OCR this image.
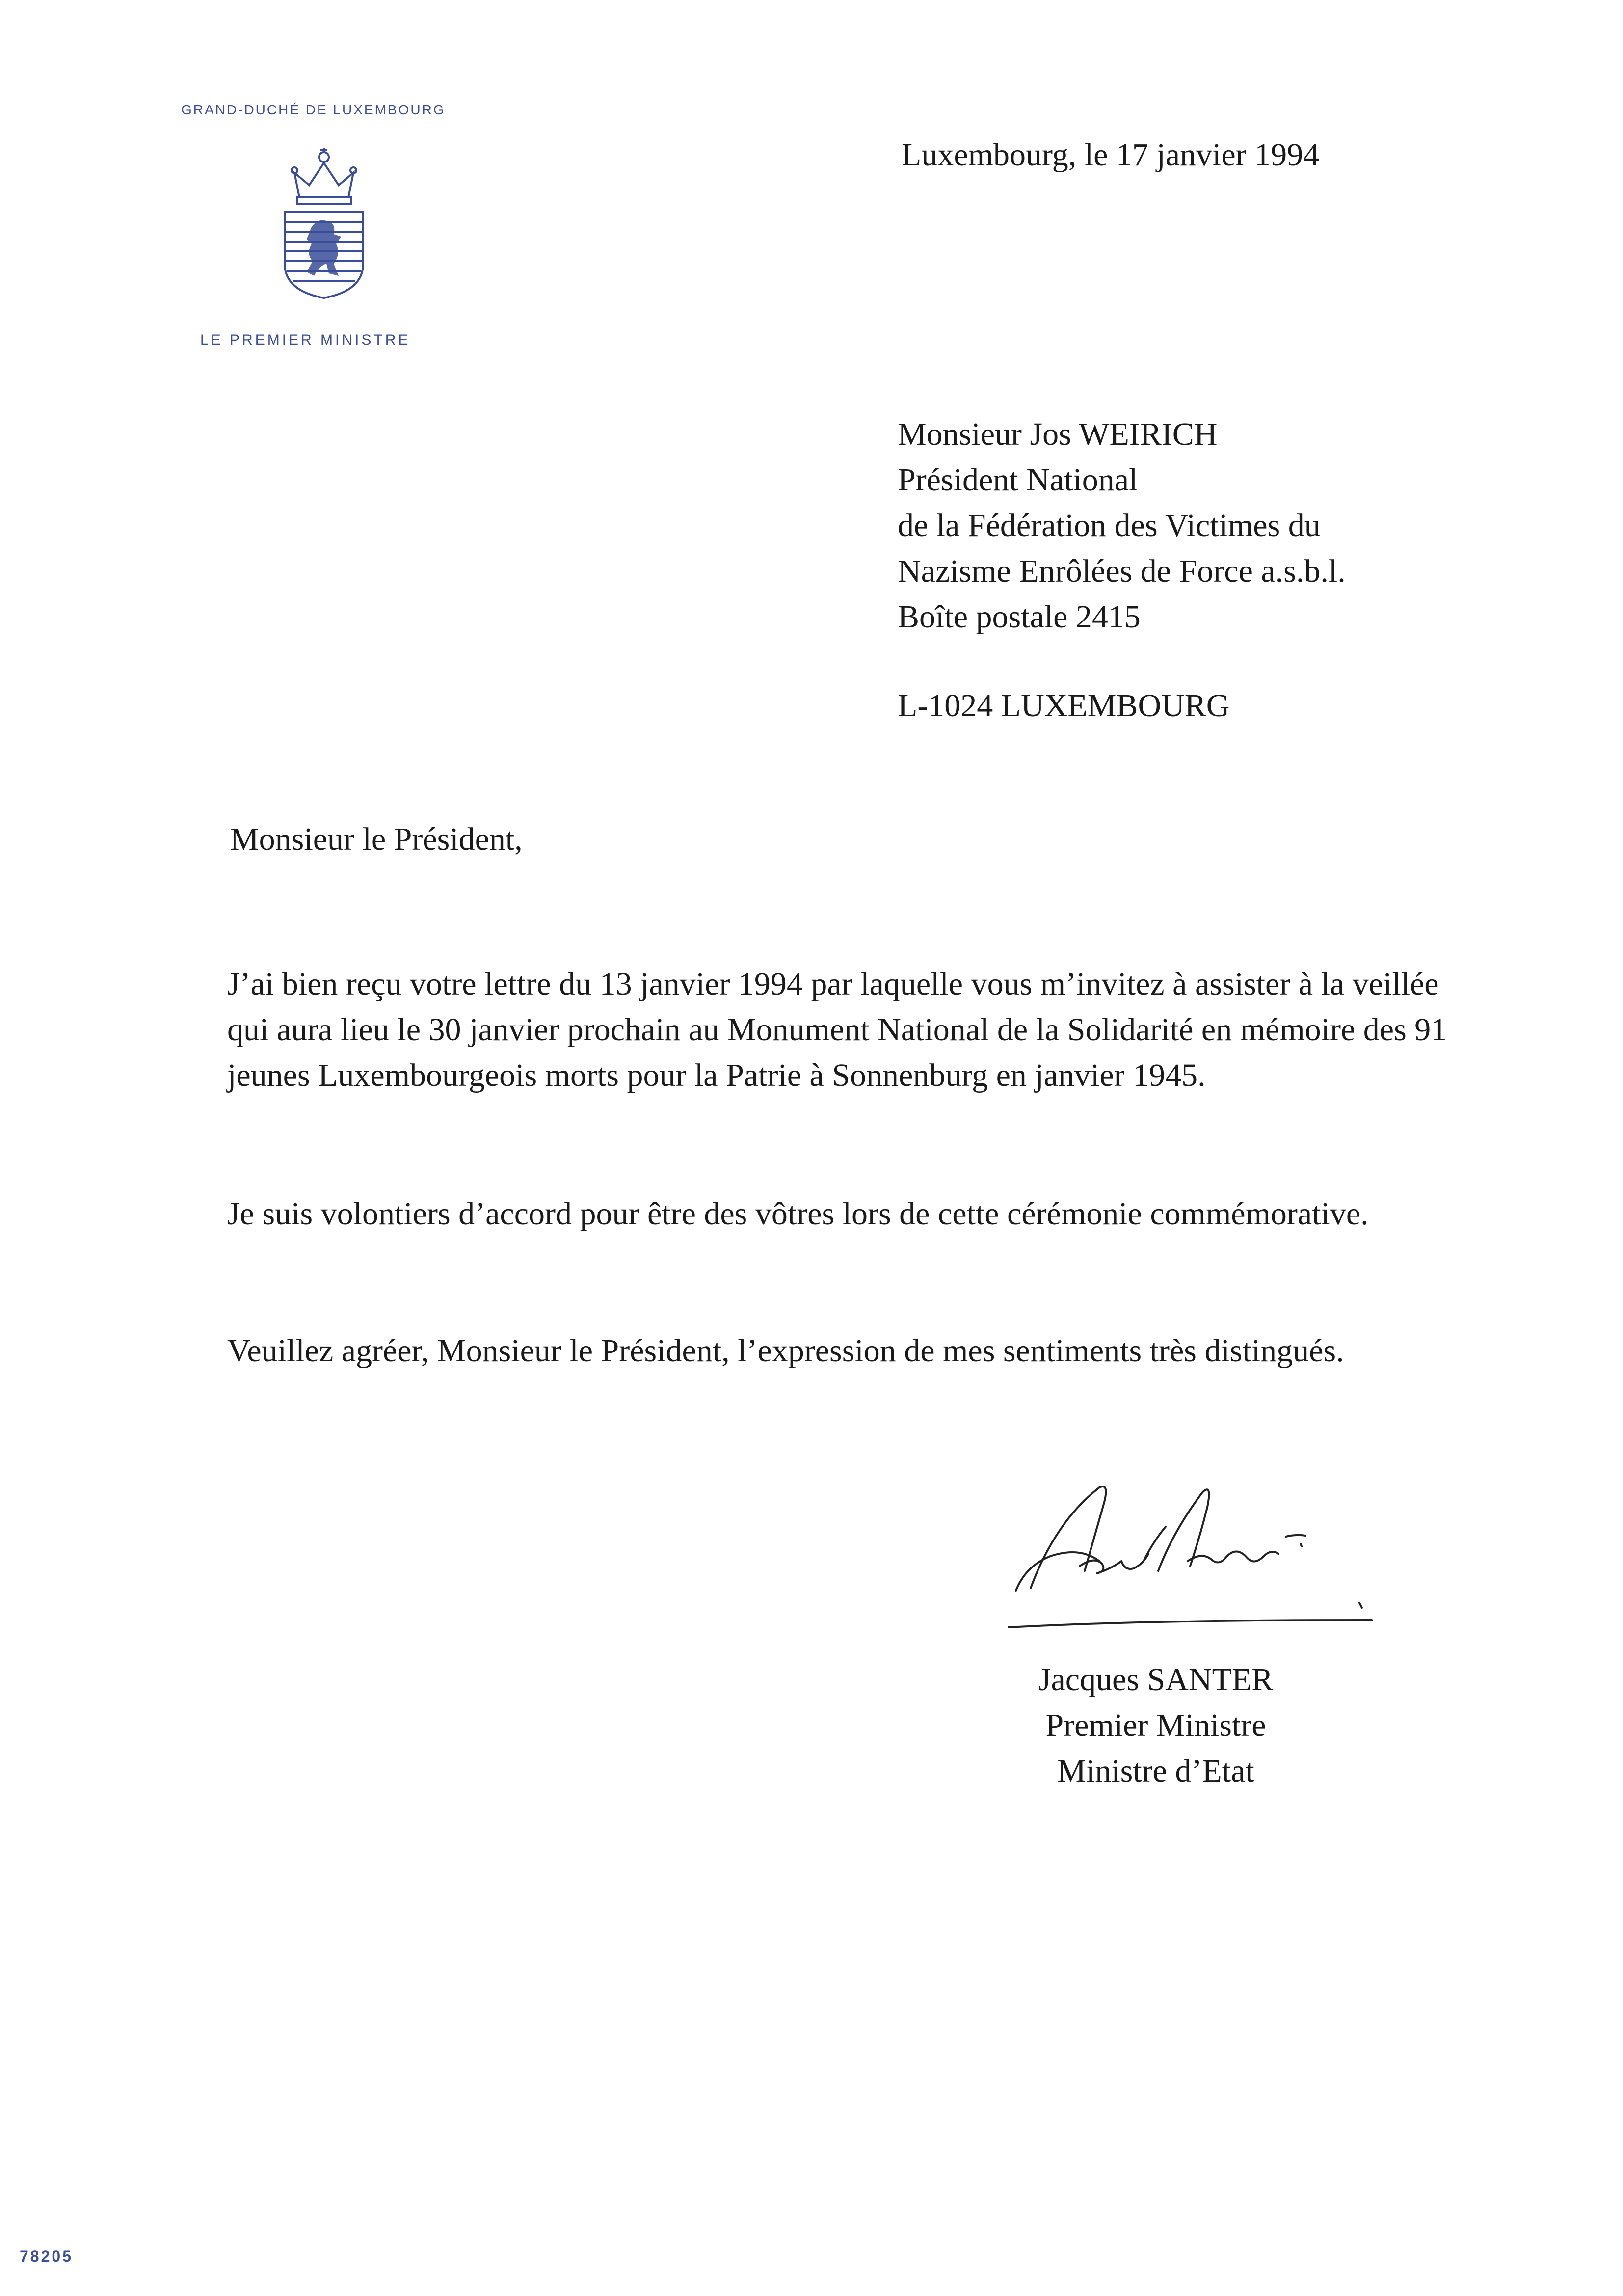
GRAND-DUCHÉ DE LUXEMBOURG
LE PREMIER MINISTRE
Luxembourg, le 17 janvier 1994
Monsieur Jos WEIRICH
Président National
de la Fédération des Victimes du
Nazisme Enrôlées de Force a.s.b.l.
Boîte postale 2415
L-1024 LUXEMBOURG
Monsieur le Président,
J’ai bien reçu votre lettre du 13 janvier 1994 par laquelle vous m’invitez à assister à la veillée qui aura lieu le 30 janvier prochain au Monument National de la Solidarité en mémoire des 91 jeunes Luxembourgeois morts pour la Patrie à Sonnenburg en janvier 1945.
Je suis volontiers d’accord pour être des vôtres lors de cette cérémonie commémorative.
Veuillez agréer, Monsieur le Président, l’expression de mes sentiments très distingués.
Jacques SANTER
Premier Ministre
Ministre d’Etat
78205
